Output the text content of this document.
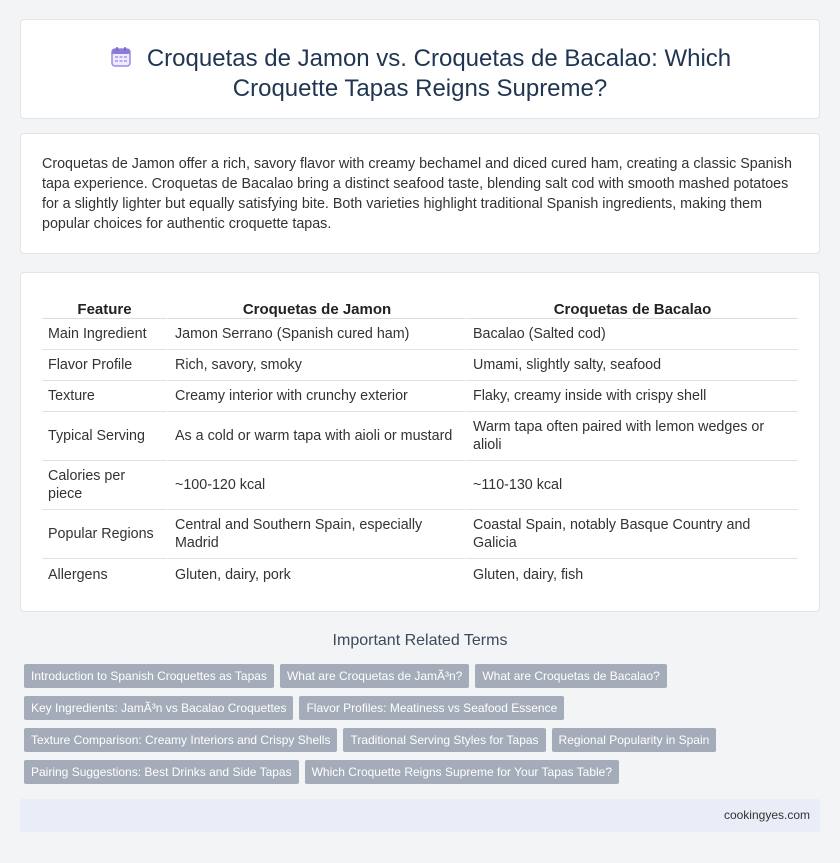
Croquetas de Jamon vs. Croquetas de Bacalao: Which Croquette Tapas Reigns Supreme?

Croquetas de Jamon offer a rich, savory flavor with creamy bechamel and diced cured ham, creating a classic Spanish tapa experience. Croquetas de Bacalao bring a distinct seafood taste, blending salt cod with smooth mashed potatoes for a slightly lighter but equally satisfying bite. Both varieties highlight traditional Spanish ingredients, making them popular choices for authentic croquette tapas.

Feature	Croquetas de Jamon	Croquetas de Bacalao
Main Ingredient	Jamon Serrano (Spanish cured ham)	Bacalao (Salted cod)
Flavor Profile	Rich, savory, smoky	Umami, slightly salty, seafood
Texture	Creamy interior with crunchy exterior	Flaky, creamy inside with crispy shell
Typical Serving	As a cold or warm tapa with aioli or mustard	Warm tapa often paired with lemon wedges or alioli
Calories per piece	~100-120 kcal	~110-130 kcal
Popular Regions	Central and Southern Spain, especially Madrid	Coastal Spain, notably Basque Country and Galicia
Allergens	Gluten, dairy, pork	Gluten, dairy, fish
Important Related Terms
Introduction to Spanish Croquettes as Tapas What are Croquetas de JamÃ³n? What are Croquetas de Bacalao?
Key Ingredients: JamÃ³n vs Bacalao Croquettes Flavor Profiles: Meatiness vs Seafood Essence
Texture Comparison: Creamy Interiors and Crispy Shells Traditional Serving Styles for Tapas Regional Popularity in Spain
Pairing Suggestions: Best Drinks and Side Tapas Which Croquette Reigns Supreme for Your Tapas Table?
cookingyes.com
